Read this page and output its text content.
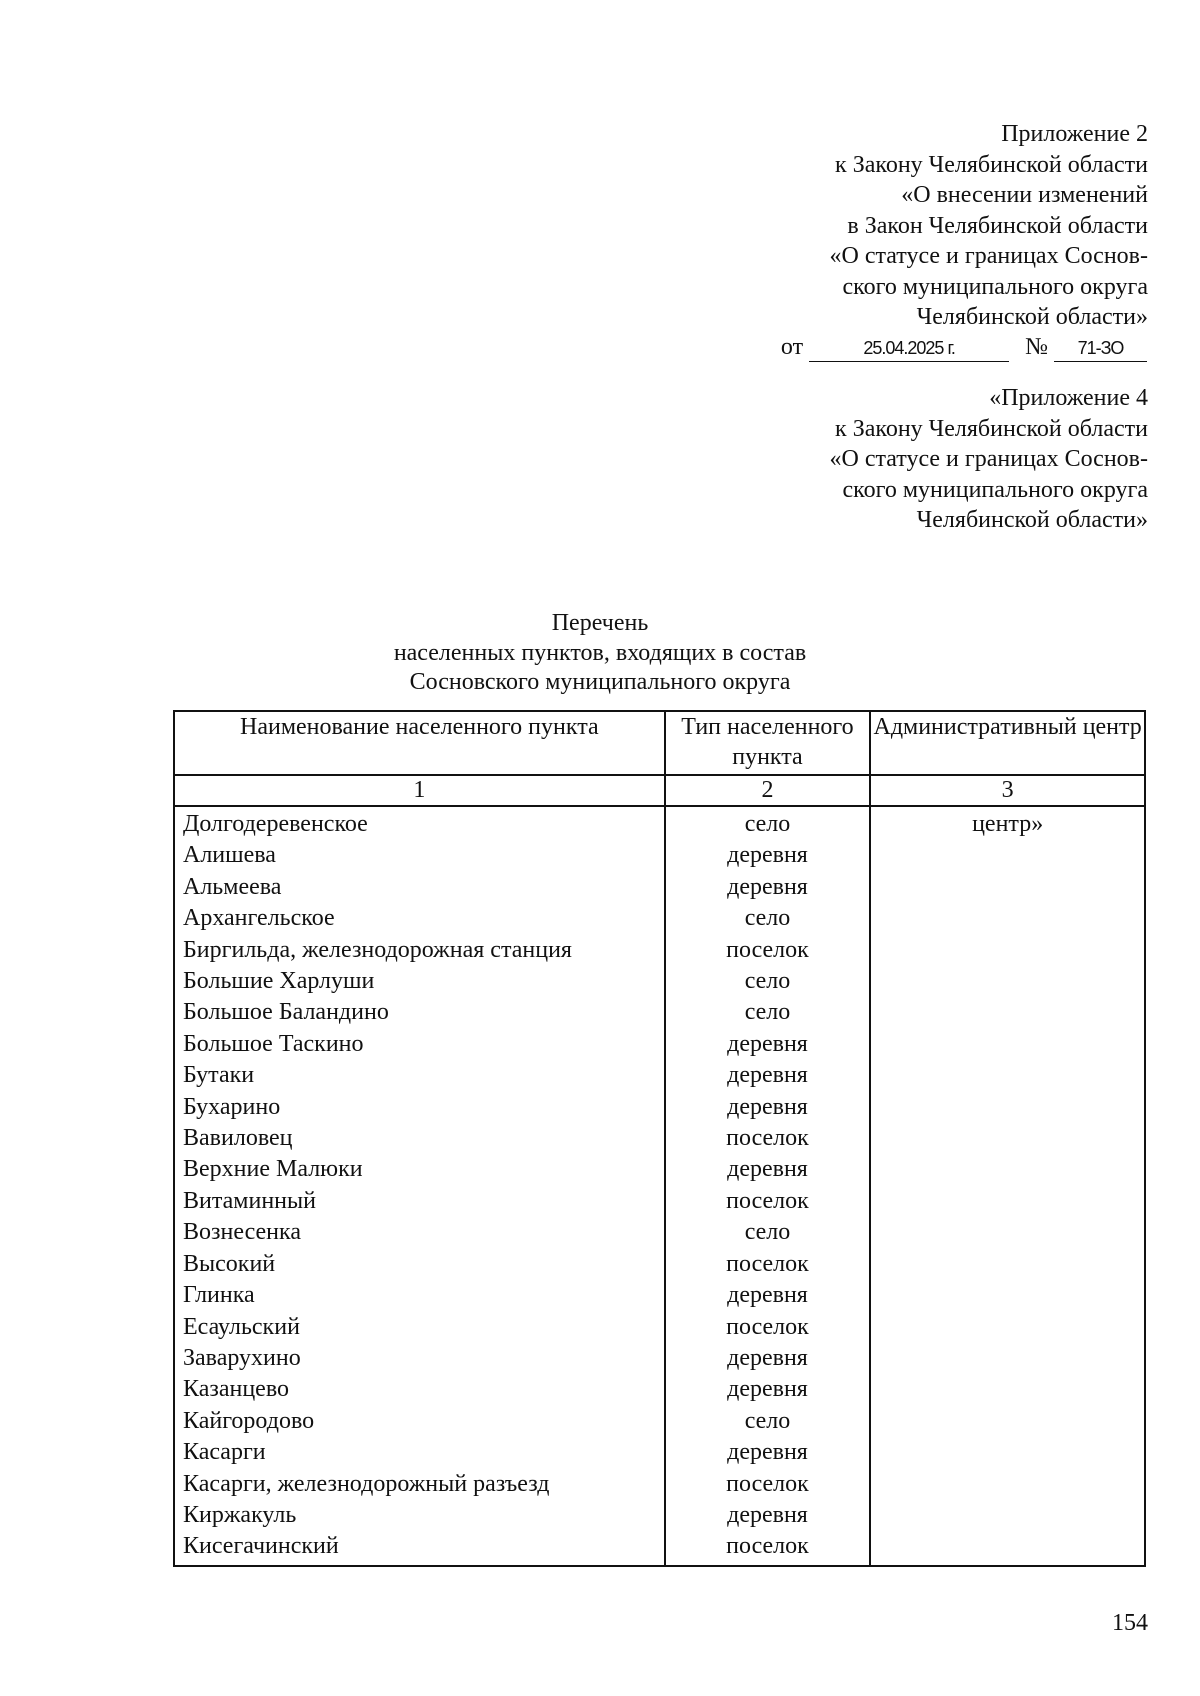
Приложение 2
к Закону Челябинской области
«О внесении изменений
в Закон Челябинской области
«О статусе и границах Соснов-
ского муниципального округа
Челябинской области»
от	25.04.2025 г.	№ 71-ЗО
«Приложение 4
к Закону Челябинской области
«О статусе и границах Соснов-
ского муниципального округа
Челябинской области»
Перечень
населенных пунктов, входящих в состав
Сосновского муниципального округа
Наименование населенного пункта	Тип населенного пункта	Административный центр
1	2	3
Долгодеревенское	село	центр»
Алишева	деревня	
Альмеева	деревня	
Архангельское	село	
Биргильда, железнодорожная станция	поселок	
Большие Харлуши	село	
Большое Баландино	село	
Большое Таскино	деревня	
Бутаки	деревня	
Бухарино	деревня	
Вавиловец	поселок	
Верхние Малюки	деревня	
Витаминный	поселок	
Вознесенка	село	
Высокий	поселок	
Глинка	деревня	
Есаульский	поселок	
Заварухино	деревня	
Казанцево	деревня	
Кайгородово	село	
Касарги	деревня	
Касарги, железнодорожный разъезд	поселок	
Киржакуль	деревня	
Кисегачинский	поселок	
154
